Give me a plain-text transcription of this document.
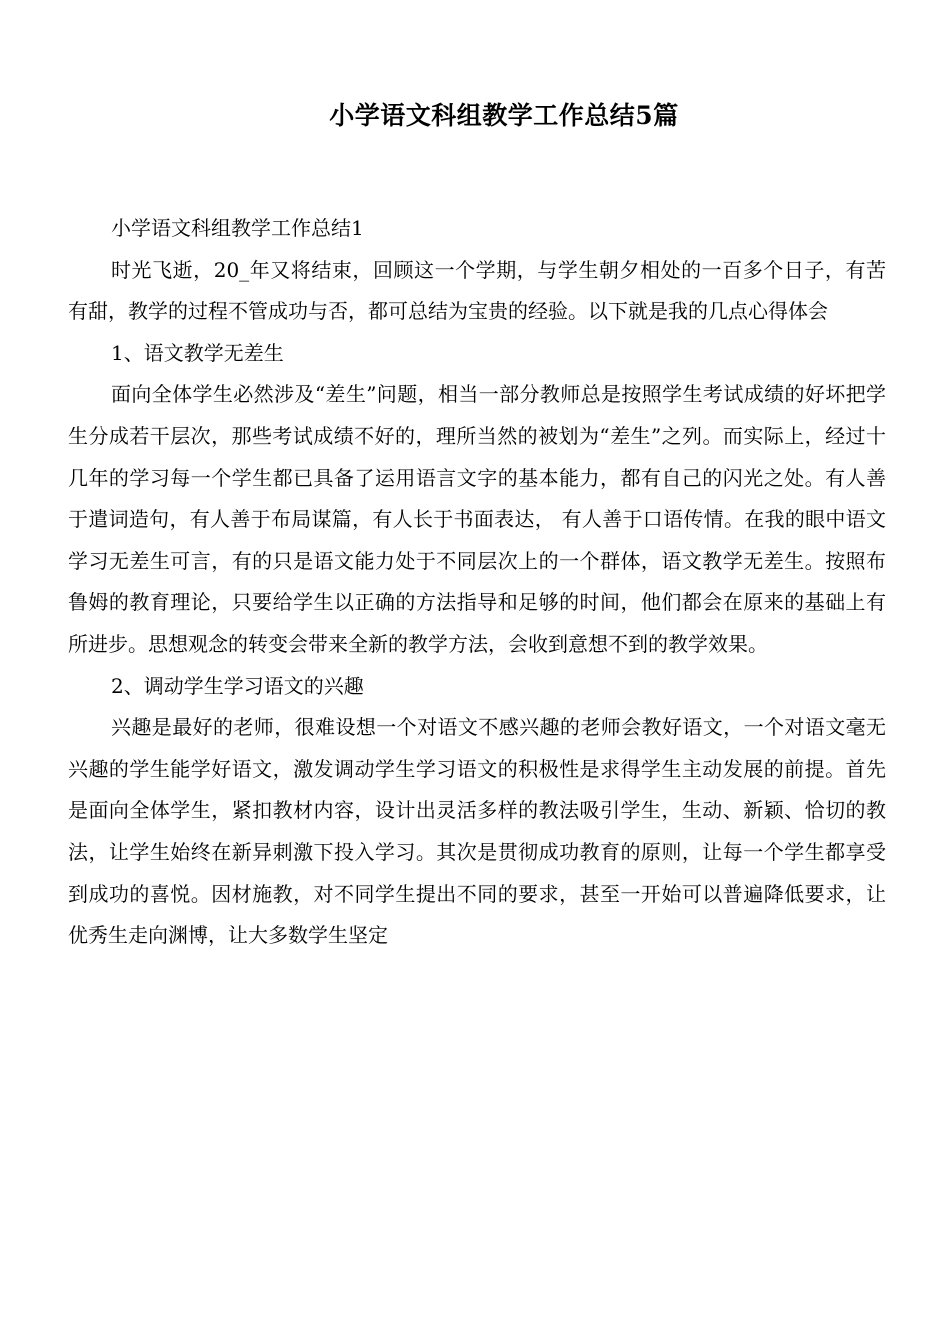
小学语文科组教学工作总结5篇

小学语文科组教学工作总结1

时光飞逝，20_年又将结束，回顾这一个学期，与学生朝夕相处的一百多个日子，有苦有甜，教学的过程不管成功与否，都可总结为宝贵的经验。以下就是我的几点心得体会

1、语文教学无差生

面向全体学生必然涉及“差生”问题，相当一部分教师总是按照学生考试成绩的好坏把学生分成若干层次，那些考试成绩不好的，理所当然的被划为“差生”之列。而实际上，经过十几年的学习每一个学生都已具备了运用语言文字的基本能力，都有自己的闪光之处。有人善于遣词造句，有人善于布局谋篇，有人长于书面表达， 有人善于口语传情。在我的眼中语文学习无差生可言，有的只是语文能力处于不同层次上的一个群体，语文教学无差生。按照布鲁姆的教育理论，只要给学生以正确的方法指导和足够的时间，他们都会在原来的基础上有所进步。思想观念的转变会带来全新的教学方法，会收到意想不到的教学效果。

2、调动学生学习语文的兴趣

兴趣是最好的老师，很难设想一个对语文不感兴趣的老师会教好语文，一个对语文毫无兴趣的学生能学好语文，激发调动学生学习语文的积极性是求得学生主动发展的前提。首先是面向全体学生，紧扣教材内容，设计出灵活多样的教法吸引学生，生动、新颖、恰切的教法，让学生始终在新异刺激下投入学习。其次是贯彻成功教育的原则，让每一个学生都享受到成功的喜悦。因材施教，对不同学生提出不同的要求，甚至一开始可以普遍降低要求，让优秀生走向渊博，让大多数学生坚定
